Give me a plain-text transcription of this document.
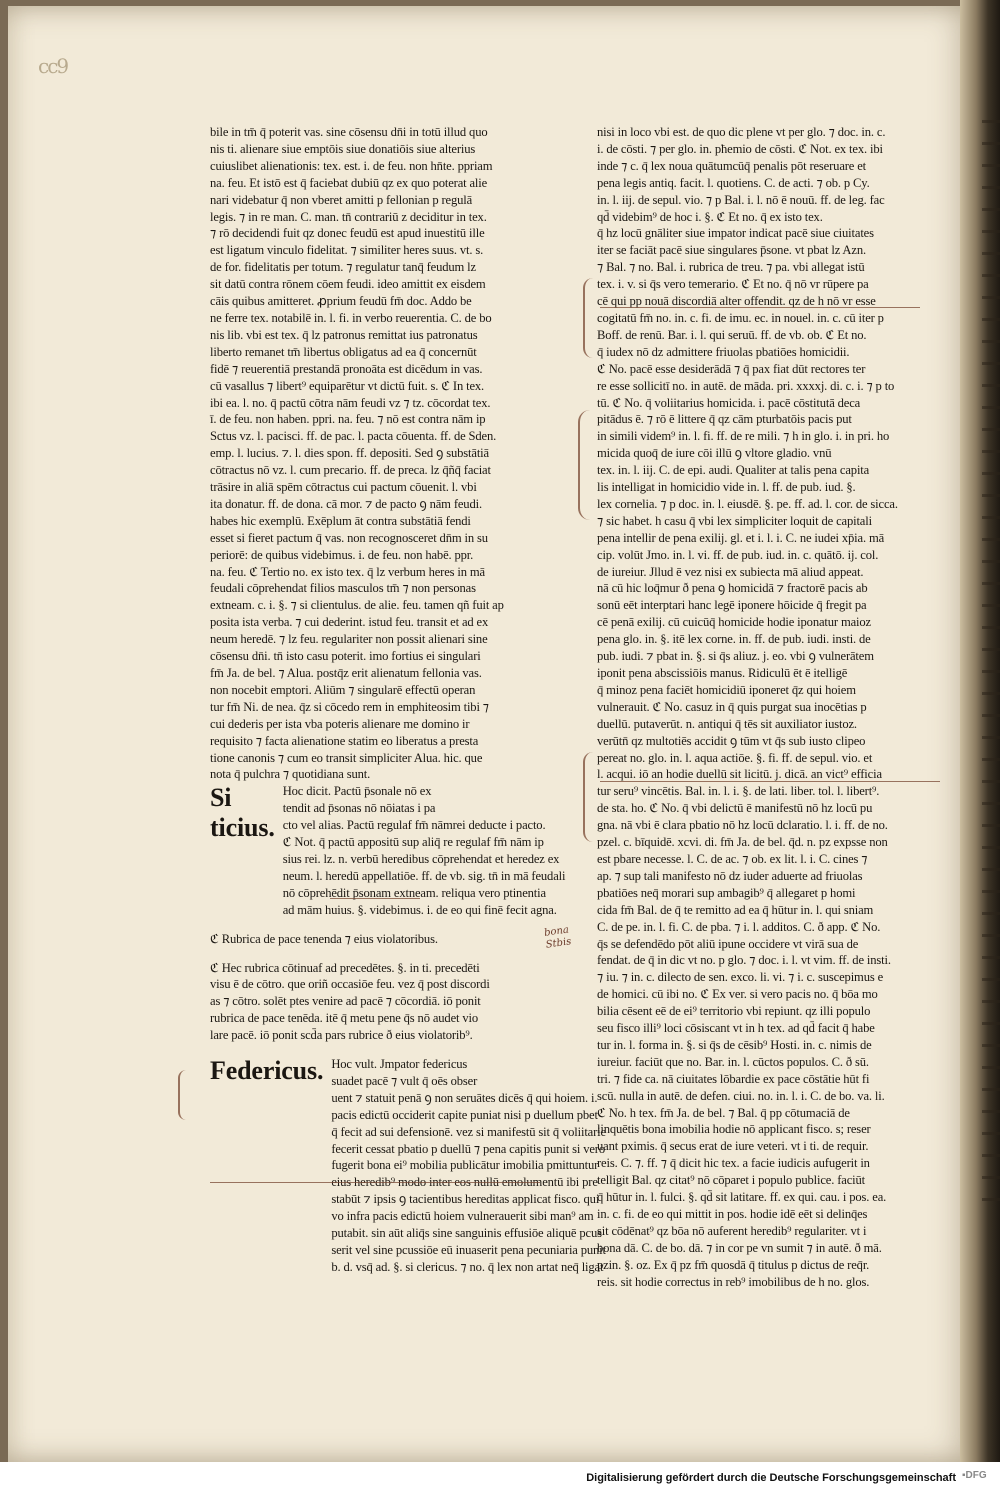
cc9

bile in tm̄ q̄ poterit vas. sine cōsensu dn̄i in totū illud quo

nis ti. alienare siue emptōis siue donatiōis siue alterius

cuiuslibet alienationis: tex. est. i. de feu. non hn̄te. ppriam

na. feu. Et istō est q̄ faciebat dubiū qz ex quo poterat alie

nari videbatur q̄ non vberet amitti p fellonian p regulā

legis. ⁊ in re man. C. man. tn̄ contrariū z deciditur in tex.

⁊ rō decidendi fuit qz donec feudū est apud inuestitū ille

est ligatum vinculo fidelitat. ⁊ similiter heres suus. vt. s.

de for. fidelitatis per totum. ⁊ regulatur tanq̄ feudum lz

sit datū contra rōnem cōem feudi. ideo amittit ex eisdem

cāis quibus amitteret. ꝓprium feudū fm̄ doc. Addo be

ne ferre tex. notabilē in. l. fi. in verbo reuerentia. C. de bo

nis lib. vbi est tex. q̄ lz patronus remittat ius patronatus

liberto remanet tm̄ libertus obligatus ad ea q̄ concernūt

fidē ⁊ reuerentiā prestandā pronoāta est dicēdum in vas.

cū vasallus ⁊ libert⁹ equiparētur vt dictū fuit. s. ℭ In tex.

ibi ea. l. no. q̄ pactū cōtra nām feudi vz ⁊ tz. cōcordat tex.

ī. de feu. non haben. ppri. na. feu. ⁊ nō est contra nām ip

Sctus vz. l. pacisci. ff. de pac. l. pacta cōuenta. ff. de Sden.

emp. l. lucius. ⁊. l. dies spon. ff. depositi. Sed ꝯ substātiā

cōtractus nō vz. l. cum precario. ff. de preca. lz q̄ñq̄ faciat

trāsire in aliā spēm cōtractus cui pactum cōuenit. l. vbi

ita donatur. ff. de dona. cā mor. ⁊ de pacto ꝯ nām feudi.

habes hic exemplū. Exēplum āt contra substātiā fendi

esset si fieret pactum q̄ vas. non recognosceret dn̄m in su

periorē: de quibus videbimus. i. de feu. non habē. ppr.

na. feu. ℭ Tertio no. ex isto tex. q̄ lz verbum heres in mā

feudali cōprehendat filios masculos tm̄ ⁊ non personas

extneam. c. i. §. ⁊ si clientulus. de alie. feu. tamen qñ fuit ap

posita ista verba. ⁊ cui dederint. istud feu. transit et ad ex

neum heredē. ⁊ lz feu. regulariter non possit alienari sine

cōsensu dn̄i. tn̄ isto casu poterit. imo fortius ei singulari

fm̄ Ja. de bel. ⁊ Alua. postq̄z erit alienatum fellonia vas.

non nocebit emptori. Aliūm ⁊ singularē effectū operan

tur fm̄ Ni. de nea. q̄z si cōcedo rem in emphiteosim tibi ⁊

cui dederis per ista vba poteris alienare me domino ir

requisito ⁊ facta alienatione statim eo liberatus a presta

tione canonis ⁊ cum eo transit simpliciter Alua. hic. que

nota q̄ pulchra ⁊ quotidiana sunt.

Si ticius.

Hoc dicit. Pactū p̄sonale nō ex

tendit ad p̄sonas nō nōiatas i pa

cto vel alias. Pactū regulaf fm̄ nāmrei deducte i pacto.

ℭ Not. q̄ pactū appositū sup aliq̄ re regulaf fm̄ nām ip

sius rei. lz. n. verbū heredibus cōprehendat et heredez ex

neum. l. heredū appellatiōe. ff. de vb. sig. tn̄ in mā feudali

nō cōprehēdit p̄sonam extneam. reliqua vero ptinentia

ad mām huius. §. videbimus. i. de eo qui finē fecit agna.

ℭ Rubrica de pace tenenda ⁊ eius violatoribus.

ℭ Hec rubrica cōtinuaf ad precedētes. §. in ti. precedēti

visu ē de cōtro. que oriñ occasiōe feu. vez q̄ post discordi

as ⁊ cōtro. solēt ptes venire ad pacē ⁊ cōcordiā. iō ponit

rubrica de pace tenēda. itē q̄ metu pene q̄s nō audet vio

lare pacē. iō ponit scd̄a pars rubrice ð eius violatorib⁹.

Federicus. Hoc vult. Jmpator federicus

suadet pacē ⁊ vult q̄ oēs obser

uent ⁊ statuit penā ꝯ non seruātes dicēs q̄ qui hoiem. i.

pacis edictū occiderit capite puniat nisi p duellum pbet

q̄ fecit ad sui defensionē. vez si manifestū sit q̄ voliitarie

fecerit cessat pbatio p duellū ⁊ pena capitis punit si vero

fugerit bona ei⁹ mobilia publicātur imobilia pmittuntur

eius heredib⁹ modo inter eos nullū emolumentū ibi pre

stabūt ⁊ ipsis ꝯ tacientibus hereditas applicat fisco. qui

vo infra pacis edictū hoiem vulnerauerit sibi man⁹ am

putabit. sin aūt aliq̄s sine sanguinis effusiōe aliquē pcus

serit vel sine pcussiōe eū inuaserit pena pecuniaria punit

b. d. vsq̄ ad. §. si clericus. ⁊ no. q̄ lex non artat neq̄ ligat

nisi in loco vbi est. de quo dic plene vt per glo. ⁊ doc. in. c.

i. de cōsti. ⁊ per glo. in. pħemio de cōsti. ℭ Not. ex tex. ibi

inde ⁊ c. q̄ lex noua quātumcūq̄ penalis pōt reseruare et

pena legis antiq. facit. l. quotiens. C. de acti. ⁊ ob. p Cy.

in. l. iij. de sepul. vio. ⁊ p Bal. i. l. nō ē nouū. ff. de leg. fac

qd̄ videbim⁹ de hoc i. §. ℭ Et no. q̄ ex isto tex.

q̄ hz locū gnāliter siue impator indicat pacē siue ciuitates

iter se faciāt pacē siue singulares p̄sone. vt pbat lz Azn.

⁊ Bal. ⁊ no. Bal. i. rubrica de treu. ⁊ pa. vbi allegat istū

tex. i. v. si q̄s vero temerario. ℭ Et no. q̄ nō vr rūpere pa

cē qui pp nouā discordiā alter offendit. qz de h nō vr esse

cogitatū fm̄ no. in. c. fi. de imu. ec. in nouel. in. c. cū iter p

Boff. de renū. Bar. i. l. qui seruū. ff. de vb. ob. ℭ Et no.

q̄ iudex nō dz admittere friuolas pbatiōes homicidii.

ℭ No. pacē esse desiderādā ⁊ q̄ pax fiat dūt rectores ter

re esse sollicitī no. in autē. de māda. pri. xxxxj. di. c. i. ⁊ p to

tū. ℭ No. q̄ voliitarius homicida. i. pacē cōstitutā deca

pitādus ē. ⁊ rō ē littere q̄ qz cām pturbatōis pacis put

in simili videm⁹ in. l. fi. ff. de re mili. ⁊ h in glo. i. in pri. ho

micida quoq̄ de iure cōi illū ꝯ vltore gladio. vnū

tex. in. l. iij. C. de epi. audi. Qualiter at talis pena capita

lis intelligat in homicidio vide in. l. ff. de pub. iud. §.

lex cornelia. ⁊ p doc. in. l. eiusdē. §. pe. ff. ad. l. cor. de sicca.

⁊ sic habet. h casu q̄ vbi lex simpliciter loquit de capitali

pena intellir de pena exilij. gl. et i. l. i. C. ne iudei xp̄ia. mā

cip. volūt Jmo. in. l. vi. ff. de pub. iud. in. c. quātō. ij. col.

de iureiur. Jllud ē vez nisi ex subiecta mā aliud appeat.

nā cū hic loq̄mur ð pena ꝯ homicidā ⁊ fractorē pacis ab

sonū eēt interptari hanc legē iponere hōicide q̄ fregit pa

cē penā exilij. cū cuicūq̄ homicide hodie iponatur maioz

pena glo. in. §. itē lex corne. in. ff. de pub. iudi. insti. de

pub. iudi. ⁊ pbat in. §. si q̄s aliuz. j. eo. vbi ꝯ vulnerātem

iponit pena abscissiōis manus. Ridiculū ēt ē itelligē

q̄ minoz pena faciēt homicidiū iponeret q̄z qui hoiem

vulnerauit. ℭ No. casuz in q̄ quis purgat sua inocētias p

duellū. putaverūt. n. antiqui q̄ tēs sit auxiliator iustoz.

verūtn̄ qz multotiēs accidit ꝯ tūm vt q̄s sub iusto clipeo

pereat no. glo. in. l. aqua actiōe. §. fi. ff. de sepul. vio. et

l. acqui. iō an hodie duellū sit licitū. j. dicā. an vict⁹ efficia

tur seru⁹ vincētis. Bal. in. l. i. §. de lati. liber. tol. l. libert⁹.

de sta. ho. ℭ No. q̄ vbi delictū ē manifestū nō hz locū pu

gna. nā vbi ē clara pbatio nō hz locū dclaratio. l. i. ff. de no.

pzel. c. bīquidē. xcvi. di. fm̄ Ja. de bel. q̄d. n. pz expsse non

est pbare necesse. l. C. de ac. ⁊ ob. ex lit. l. i. C. cines ⁊

ap. ⁊ sup tali manifesto nō dz iuder aduerte ad friuolas

pbatiōes neq̄ morari sup ambagib⁹ q̄ allegaret p homi

cida fm̄ Bal. de q̄ te remitto ad ea q̄ hūtur in. l. qui sniam

C. de pe. in. l. fi. C. de pba. ⁊ i. l. additos. C. ð app. ℭ No.

q̄s se defendēdo pōt aliū ipune occidere vt virā sua de

fendat. de q̄ in dic vt no. p glo. ⁊ doc. i. l. vt vim. ff. de insti.

⁊ iu. ⁊ in. c. dilecto de sen. exco. li. vi. ⁊ i. c. suscepimus e

de homici. cū ibi no. ℭ Ex ver. si vero pacis no. q̄ bōa mo

bilia cēsent eē de ei⁹ territorio vbi repiunt. qz illi populo

seu fisco illi⁹ loci cōsiscant vt in h tex. ad qd̄ facit q̄ habe

tur in. l. forma in. §. si q̄s de cēsib⁹ Hosti. in. c. nimis de

iureiur. faciūt que no. Bar. in. l. cūctos populos. C. ð sū.

tri. ⁊ fide ca. nā ciuitates lōbardie ex pace cōstātie hūt fi

scū. nulla in autē. de defen. ciui. no. in. l. i. C. de bo. va. li.

ℭ No. h tex. fm̄ Ja. de bel. ⁊ Bal. q̄ pp cōtumaciā de

linquētis bona imobilia hodie nō applicant fisco. s; reser

uant pximis. q̄ secus erat de iure veteri. vt i ti. de requir.

reis. C. ⁊. ff. ⁊ q̄ dicit hic tex. a facie iudicis aufugerit in

telligit Bal. qz citat⁹ nō cōparet i populo publice. faciūt

q̄ hūtur in. l. fulci. §. qd̄ sit latitare. ff. ex qui. cau. i pos. ea.

in. c. fi. de eo qui mittit in pos. hodie idē eēt si delinq̄es

sit cōdēnat⁹ qz bōa nō auferent heredib⁹ regulariter. vt i

bona dā. C. de bo. dā. ⁊ in cor pe vn sumit ⁊ in autē. ð mā.

pzin. §. oz. Ex q̄ pz fm̄ quosdā q̄ titulus p dictus de req̄r.

reis. sit hodie correctus in reb⁹ imobilibus de h no. glos.

bona
Stbis
Digitalisierung gefördert durch die Deutsche Forschungsgemeinschaft ▪DFG
